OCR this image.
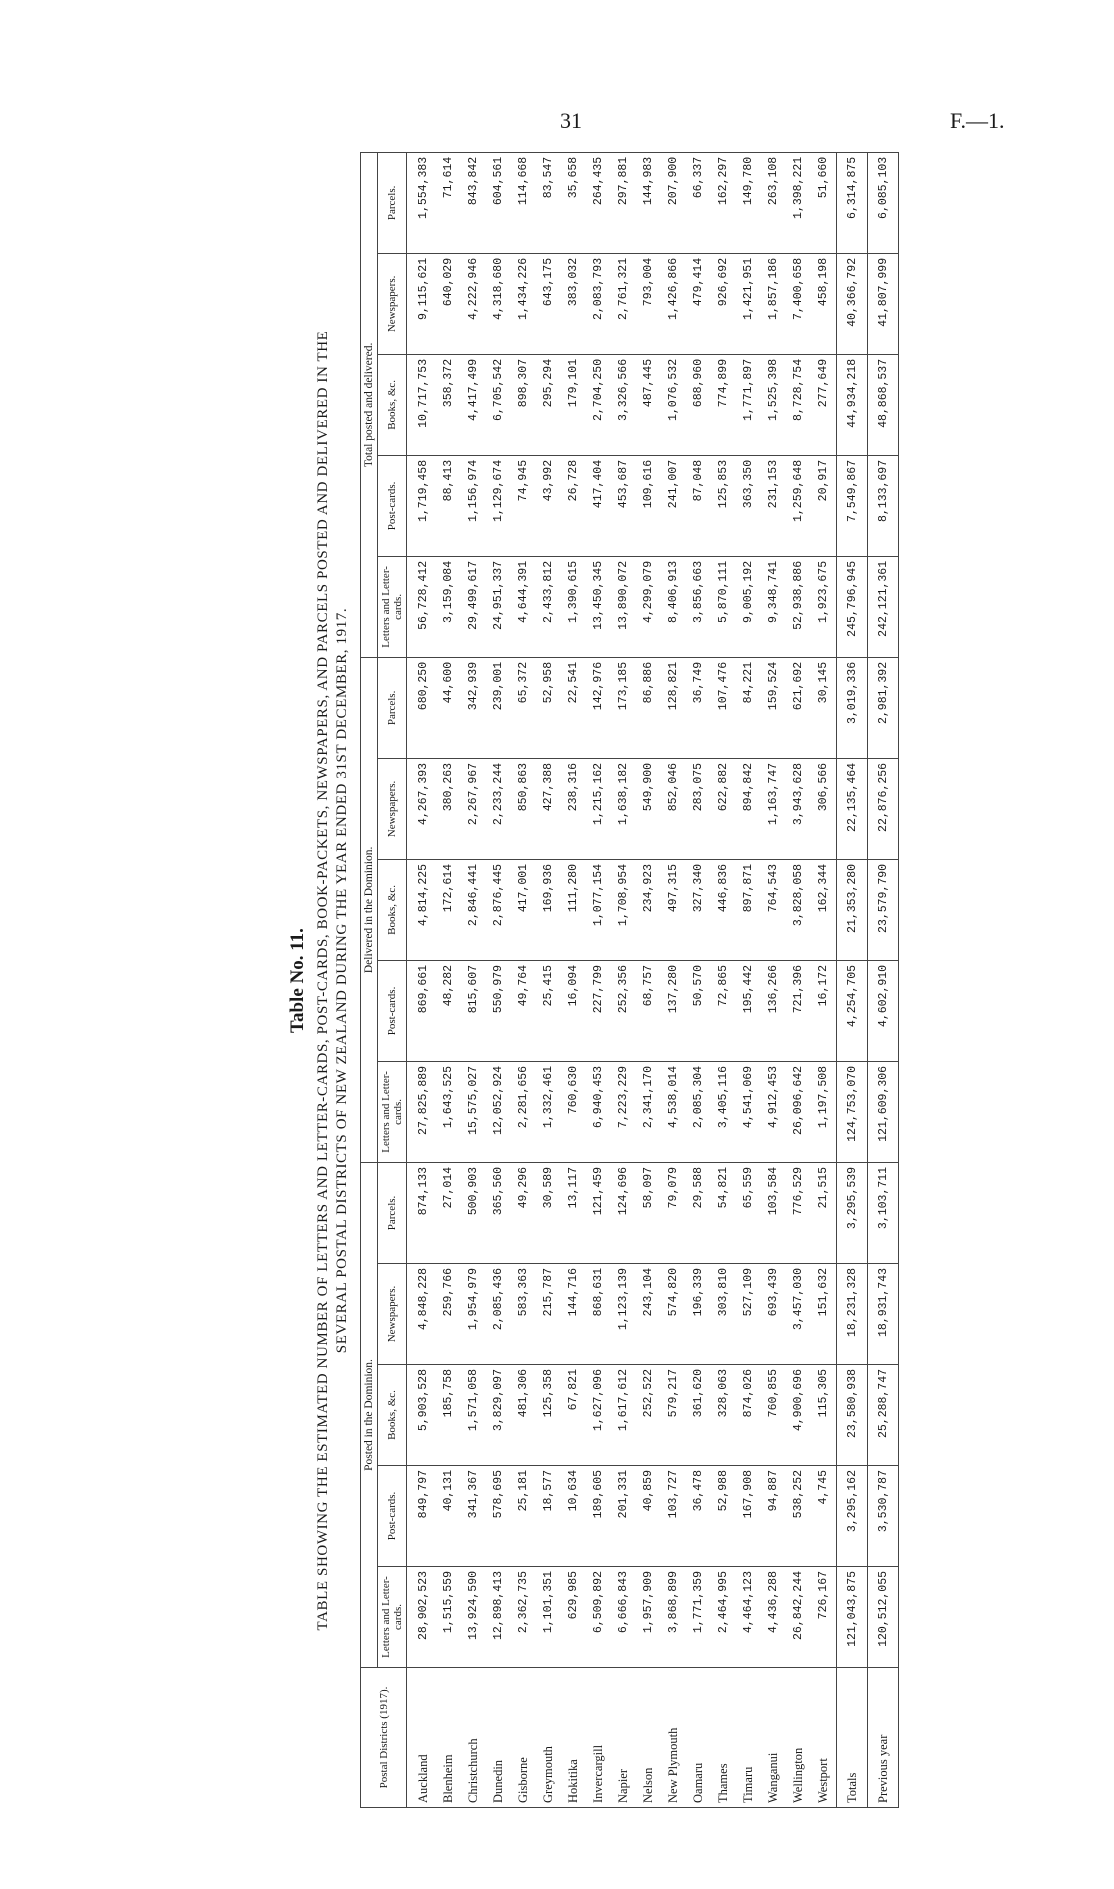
31	F.—1.
Table No. 11. TABLE SHOWING THE ESTIMATED NUMBER OF LETTERS AND LETTER-CARDS, POST-CARDS, BOOK-PACKETS, NEWSPAPERS, AND PARCELS POSTED AND DELIVERED IN THE SEVERAL POSTAL DISTRICTS OF NEW ZEALAND DURING THE YEAR ENDED 31ST DECEMBER, 1917.
Postal Districts (1917).	Posted in the Dominion.					Delivered in the Dominion.					Total posted and delivered.				
	Letters and Letter-cards.	Post-cards.	Books, &c.	Newspapers.	Parcels.	Letters and Letter-cards.	Post-cards.	Books, &c.	Newspapers.	Parcels.	Letters and Letter-cards.	Post-cards.	Books, &c.	Newspapers.	Parcels.
Auckland	28,902,523	849,797	5,903,528	4,848,228	874,133	27,825,889	869,661	4,814,225	4,267,393	680,250	56,728,412	1,719,458	10,717,753	9,115,621	1,554,383
Blenheim	1,515,559	40,131	185,758	259,766	27,014	1,643,525	48,282	172,614	380,263	44,600	3,159,084	88,413	358,372	640,029	71,614
Christchurch	13,924,590	341,367	1,571,058	1,954,979	500,903	15,575,027	815,607	2,846,441	2,267,967	342,939	29,499,617	1,156,974	4,417,499	4,222,946	843,842
Dunedin	12,898,413	578,695	3,829,097	2,085,436	365,560	12,052,924	550,979	2,876,445	2,233,244	239,001	24,951,337	1,129,674	6,705,542	4,318,680	604,561
Gisborne	2,362,735	25,181	481,306	583,363	49,296	2,281,656	49,764	417,001	850,863	65,372	4,644,391	74,945	898,307	1,434,226	114,668
Greymouth	1,101,351	18,577	125,358	215,787	30,589	1,332,461	25,415	169,936	427,388	52,958	2,433,812	43,992	295,294	643,175	83,547
Hokitika	629,985	10,634	67,821	144,716	13,117	760,630	16,094	111,280	238,316	22,541	1,390,615	26,728	179,101	383,032	35,658
Invercargill	6,509,892	189,605	1,627,096	868,631	121,459	6,940,453	227,799	1,077,154	1,215,162	142,976	13,450,345	417,404	2,704,250	2,083,793	264,435
Napier	6,666,843	201,331	1,617,612	1,123,139	124,696	7,223,229	252,356	1,708,954	1,638,182	173,185	13,890,072	453,687	3,326,566	2,761,321	297,881
Nelson	1,957,909	40,859	252,522	243,104	58,097	2,341,170	68,757	234,923	549,900	86,886	4,299,079	109,616	487,445	793,004	144,983
New Plymouth	3,868,899	103,727	579,217	574,820	79,079	4,538,014	137,280	497,315	852,046	128,821	8,406,913	241,007	1,076,532	1,426,866	207,900
Oamaru	1,771,359	36,478	361,620	196,339	29,588	2,085,304	50,570	327,340	283,075	36,749	3,856,663	87,048	688,960	479,414	66,337
Thames	2,464,995	52,988	328,063	303,810	54,821	3,405,116	72,865	446,836	622,882	107,476	5,870,111	125,853	774,899	926,692	162,297
Timaru	4,464,123	167,908	874,026	527,109	65,559	4,541,069	195,442	897,871	894,842	84,221	9,005,192	363,350	1,771,897	1,421,951	149,780
Wanganui	4,436,288	94,887	760,855	693,439	103,584	4,912,453	136,266	764,543	1,163,747	159,524	9,348,741	231,153	1,525,398	1,857,186	263,108
Wellington	26,842,244	538,252	4,900,696	3,457,030	776,529	26,096,642	721,396	3,828,058	3,943,628	621,692	52,938,886	1,259,648	8,728,754	7,400,658	1,398,221
Westport	726,167	4,745	115,305	151,632	21,515	1,197,508	16,172	162,344	306,566	30,145	1,923,675	20,917	277,649	458,198	51,660
Totals	121,043,875	3,295,162	23,580,938	18,231,328	3,295,539	124,753,070	4,254,705	21,353,280	22,135,464	3,019,336	245,796,945	7,549,867	44,934,218	40,366,792	6,314,875
Previous year	120,512,055	3,530,787	25,288,747	18,931,743	3,103,711	121,609,306	4,602,910	23,579,790	22,876,256	2,981,392	242,121,361	8,133,697	48,868,537	41,807,999	6,085,103
